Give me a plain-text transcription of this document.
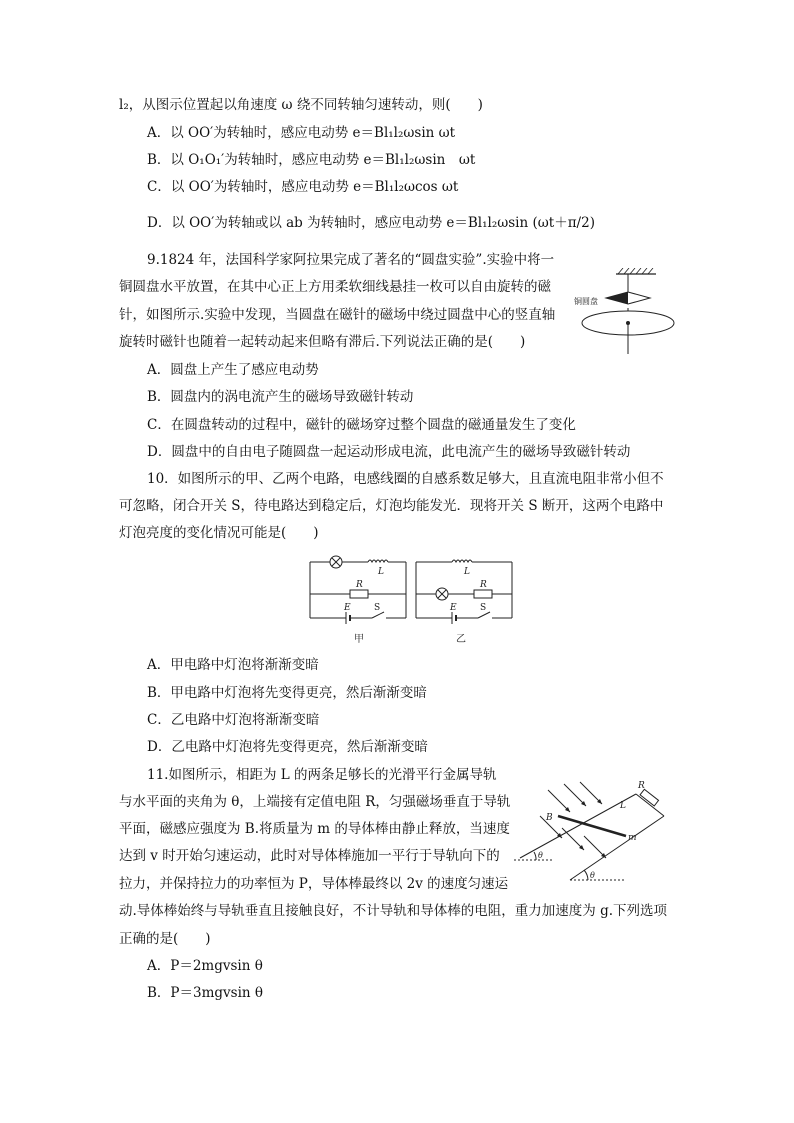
l₂，从图示位置起以角速度 ω 绕不同转轴匀速转动，则(　　)
A．以 OO′为转轴时，感应电动势 e＝Bl₁l₂ωsin ωt
B．以 O₁O₁′为转轴时，感应电动势 e＝Bl₁l₂ωsin　ωt
C．以 OO′为转轴时，感应电动势 e＝Bl₁l₂ωcos ωt
D．以 OO′为转轴或以 ab 为转轴时，感应电动势 e＝Bl₁l₂ωsin (ωt＋π/2)
9.1824 年，法国科学家阿拉果完成了著名的“圆盘实验”.实验中将一
铜圆盘水平放置，在其中心正上方用柔软细线悬挂一枚可以自由旋转的磁
针，如图所示.实验中发现，当圆盘在磁针的磁场中绕过圆盘中心的竖直轴
旋转时磁针也随着一起转动起来但略有滞后.下列说法正确的是(　　)
铜圆盘
A．圆盘上产生了感应电动势
B．圆盘内的涡电流产生的磁场导致磁针转动
C．在圆盘转动的过程中，磁针的磁场穿过整个圆盘的磁通量发生了变化
D．圆盘中的自由电子随圆盘一起运动形成电流，此电流产生的磁场导致磁针转动
10．如图所示的甲、乙两个电路，电感线圈的自感系数足够大，且直流电阻非常小但不
可忽略，闭合开关 S，待电路达到稳定后，灯泡均能发光．现将开关 S 断开，这两个电路中
灯泡亮度的变化情况可能是(　　)
L
R
E	S
甲
L
R
E	S
乙
A．甲电路中灯泡将渐渐变暗
B．甲电路中灯泡将先变得更亮，然后渐渐变暗
C．乙电路中灯泡将渐渐变暗
D．乙电路中灯泡将先变得更亮，然后渐渐变暗
11.如图所示，相距为 L 的两条足够长的光滑平行金属导轨
与水平面的夹角为 θ，上端接有定值电阻 R，匀强磁场垂直于导轨
平面，磁感应强度为 B.将质量为 m 的导体棒由静止释放，当速度
达到 v 时开始匀速运动，此时对导体棒施加一平行于导轨向下的
拉力，并保持拉力的功率恒为 P，导体棒最终以 2v 的速度匀速运
动.导体棒始终与导轨垂直且接触良好，不计导轨和导体棒的电阻，重力加速度为 g.下列选项
正确的是(　　)
R
L
B
m
θ
θ
A．P＝2mgvsin θ
B．P＝3mgvsin θ
